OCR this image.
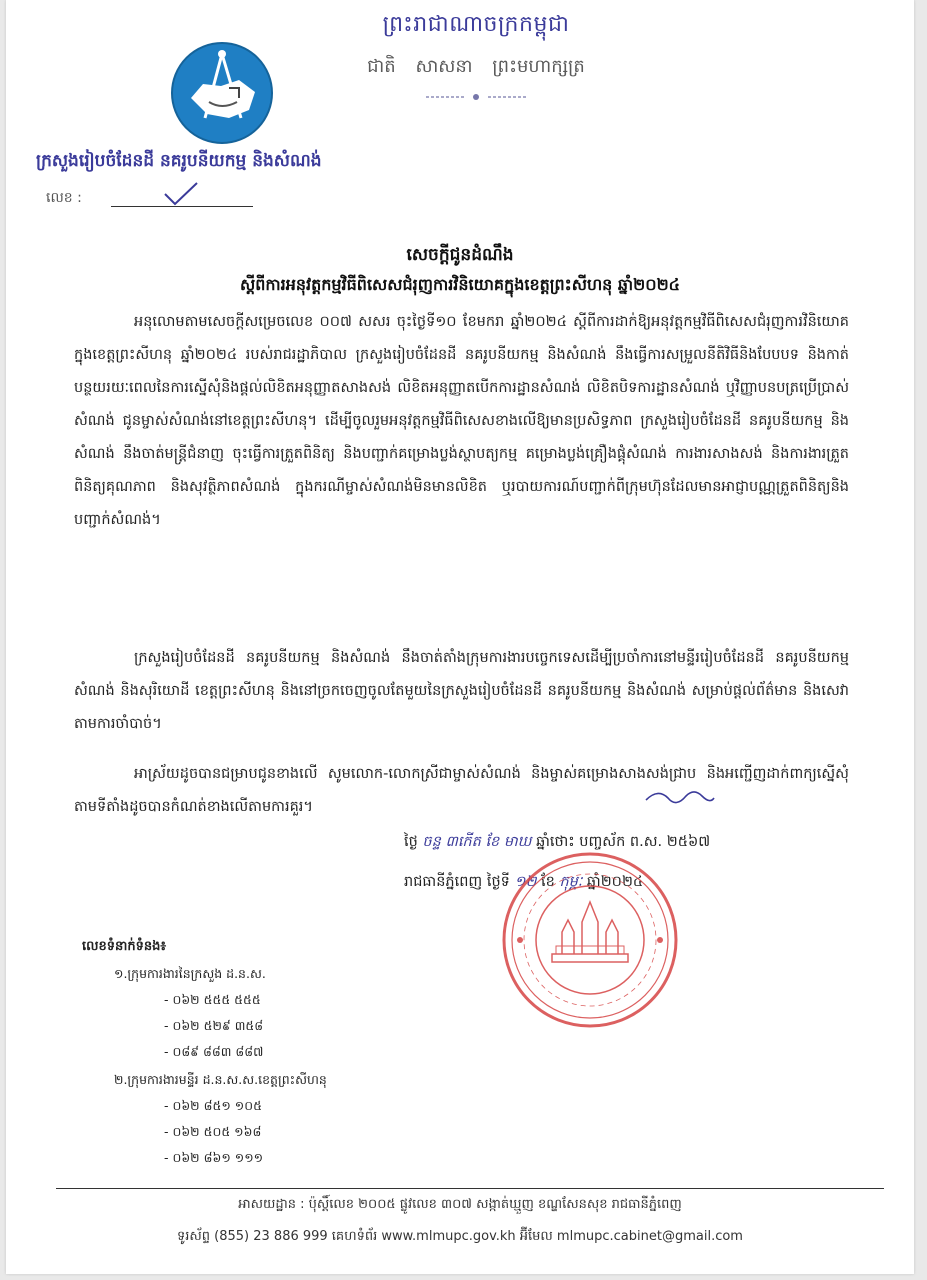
ព្រះរាជាណាចក្រកម្ពុជា
ជាតិ សាសនា ព្រះមហាក្សត្រ
ក្រសួងរៀបចំដែនដី នគរូបនីយកម្ម និងសំណង់
លេខ :
សេចក្ដីជូនដំណឹង
ស្ដីពីការអនុវត្តកម្មវិធីពិសេសជំរុញការវិនិយោគក្នុងខេត្តព្រះសីហនុ ឆ្នាំ២០២៤
អនុលោមតាមសេចក្ដីសម្រេចលេខ ០០៧ សសរ ចុះថ្ងៃទី១០ ខែមករា ឆ្នាំ២០២៤ ស្ដីពីការដាក់ឱ្យអនុវត្តកម្មវិធីពិសេសជំរុញការវិនិយោគក្នុងខេត្តព្រះសីហនុ ឆ្នាំ២០២៤ របស់រាជរដ្ឋាភិបាល ក្រសួងរៀបចំដែនដី នគរូបនីយកម្ម និងសំណង់ នឹងធ្វើការសម្រួលនីតិវិធីនិងបែបបទ និងកាត់បន្ថយរយៈពេលនៃការស្នើសុំនិងផ្ដល់លិខិតអនុញ្ញាតសាងសង់ លិខិតអនុញ្ញាតបើកការដ្ឋានសំណង់ លិខិតបិទការដ្ឋានសំណង់ ឬវិញ្ញាបនបត្រប្រើប្រាស់សំណង់ ជូនម្ចាស់សំណង់នៅខេត្តព្រះសីហនុ។ ដើម្បីចូលរួមអនុវត្តកម្មវិធីពិសេសខាងលើឱ្យមានប្រសិទ្ធភាព ក្រសួងរៀបចំដែនដី នគរូបនីយកម្ម និងសំណង់ នឹងចាត់មន្ត្រីជំនាញ ចុះធ្វើការត្រួតពិនិត្យ និងបញ្ជាក់គម្រោងប្លង់ស្ថាបត្យកម្ម គម្រោងប្លង់គ្រឿងផ្គុំសំណង់ ការងារសាងសង់ និងការងារត្រួតពិនិត្យគុណភាព និងសុវត្ថិភាពសំណង់ ក្នុងករណីម្ចាស់សំណង់មិនមានលិខិត ឬរបាយការណ៍បញ្ជាក់ពីក្រុមហ៊ុនដែលមានអាជ្ញាបណ្ណត្រួតពិនិត្យនិងបញ្ជាក់សំណង់។
ក្រសួងរៀបចំដែនដី នគរូបនីយកម្ម និងសំណង់ នឹងចាត់តាំងក្រុមការងារបច្ចេកទេសដើម្បីប្រចាំការនៅមន្ទីររៀបចំដែនដី នគរូបនីយកម្ម សំណង់ និងសុរិយោដី ខេត្តព្រះសីហនុ និងនៅច្រកចេញចូលតែមួយនៃក្រសួងរៀបចំដែនដី នគរូបនីយកម្ម និងសំណង់ សម្រាប់ផ្ដល់ព័ត៌មាន និងសេវាតាមការចាំបាច់។
អាស្រ័យដូចបានជម្រាបជូនខាងលើ សូមលោក-លោកស្រីជាម្ចាស់សំណង់ និងម្ចាស់គម្រោងសាងសង់ជ្រាប និងអញ្ជើញដាក់ពាក្យស្នើសុំតាមទីតាំងដូចបានកំណត់ខាងលើតាមការគួរ។
ថ្ងៃ ចន្ទ ៣កើត ខែ មាឃ ឆ្នាំថោះ បញ្ចស័ក ព.ស. ២៥៦៧
រាជធានីភ្នំពេញ ថ្ងៃទី ១២ ខែ កុម្ភៈ ឆ្នាំ២០២៤
លេខទំនាក់ទំនង៖
១.ក្រុមការងារនៃក្រសួង ដ.ន.ស.
- ០៦២ ៥៥៥ ៥៥៥
- ០៦២ ៥២៩ ៣៥៨
- ០៨៩ ៨៨៣ ៨៨៧
២.ក្រុមការងារមន្ទីរ ដ.ន.ស.ស.ខេត្តព្រះសីហនុ
- ០៦២ ៨៥១ ១០៥
- ០៦២ ៥០៥ ១៦៨
- ០៦២ ៨៦១ ១១១
អាសយដ្ឋាន : ប៉ុស្តិ៍លេខ ២០០៥ ផ្លូវលេខ ៣០៧ សង្កាត់ឃ្មួញ ខណ្ឌសែនសុខ រាជធានីភ្នំពេញ
ទូរស័ព្ទ (855) 23 886 999 គេហទំព័រ www.mlmupc.gov.kh អ៊ីមែល mlmupc.cabinet@gmail.com
